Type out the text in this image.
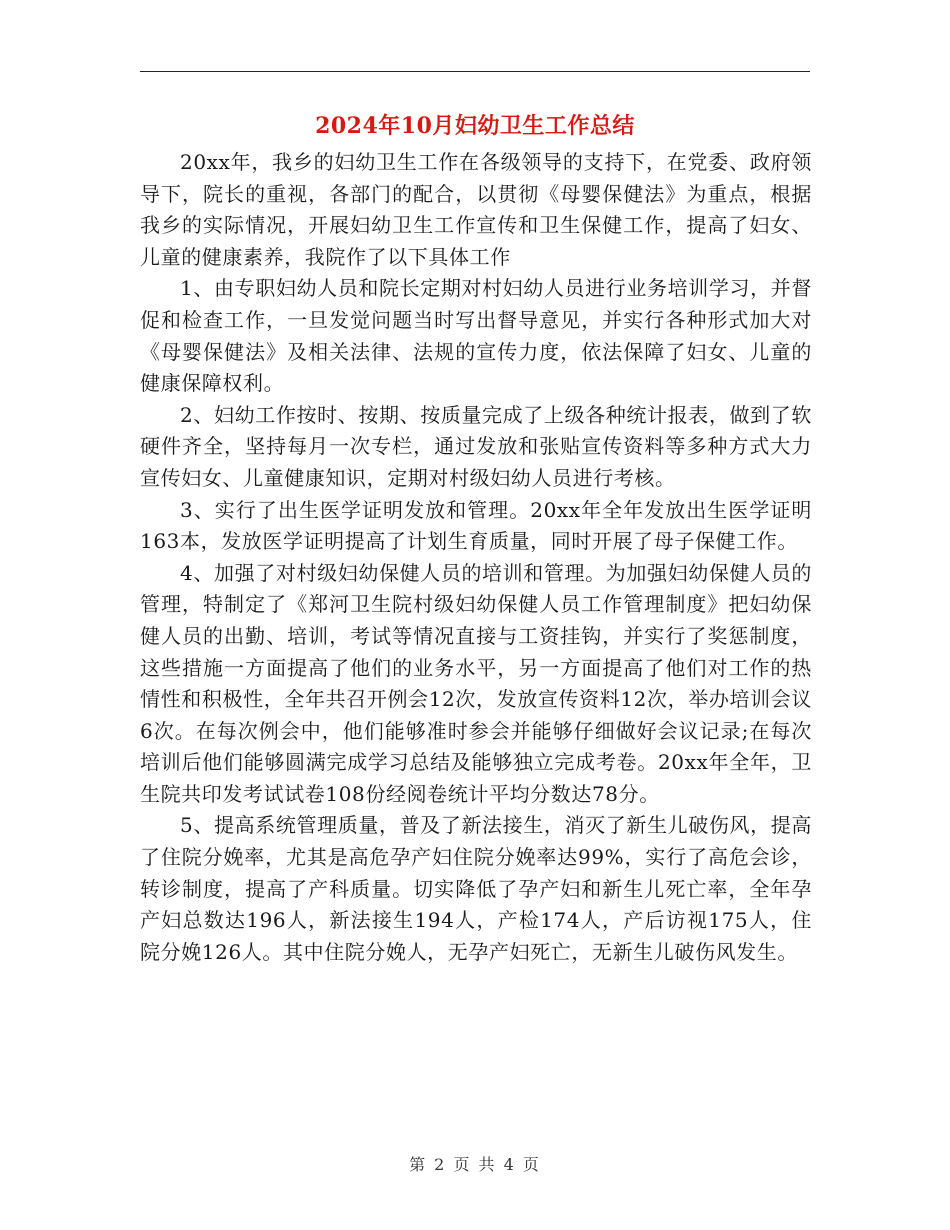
2024年10月妇幼卫生工作总结

20xx年，我乡的妇幼卫生工作在各级领导的支持下，在党委、政府领导下，院长的重视，各部门的配合，以贯彻《母婴保健法》为重点，根据我乡的实际情况，开展妇幼卫生工作宣传和卫生保健工作，提高了妇女、儿童的健康素养，我院作了以下具体工作

1、由专职妇幼人员和院长定期对村妇幼人员进行业务培训学习，并督促和检查工作，一旦发觉问题当时写出督导意见，并实行各种形式加大对《母婴保健法》及相关法律、法规的宣传力度，依法保障了妇女、儿童的健康保障权利。

2、妇幼工作按时、按期、按质量完成了上级各种统计报表，做到了软硬件齐全，坚持每月一次专栏，通过发放和张贴宣传资料等多种方式大力宣传妇女、儿童健康知识，定期对村级妇幼人员进行考核。

3、实行了出生医学证明发放和管理。20xx年全年发放出生医学证明163本，发放医学证明提高了计划生育质量，同时开展了母子保健工作。

4、加强了对村级妇幼保健人员的培训和管理。为加强妇幼保健人员的管理，特制定了《郑河卫生院村级妇幼保健人员工作管理制度》把妇幼保健人员的出勤、培训，考试等情况直接与工资挂钩，并实行了奖惩制度，这些措施一方面提高了他们的业务水平，另一方面提高了他们对工作的热情性和积极性，全年共召开例会12次，发放宣传资料12次，举办培训会议6次。在每次例会中，他们能够准时参会并能够仔细做好会议记录;在每次培训后他们能够圆满完成学习总结及能够独立完成考卷。20xx年全年，卫生院共印发考试试卷108份经阅卷统计平均分数达78分。

5、提高系统管理质量，普及了新法接生，消灭了新生儿破伤风，提高了住院分娩率，尤其是高危孕产妇住院分娩率达99%，实行了高危会诊，转诊制度，提高了产科质量。切实降低了孕产妇和新生儿死亡率，全年孕产妇总数达196人，新法接生194人，产检174人，产后访视175人，住院分娩126人。其中住院分娩人，无孕产妇死亡，无新生儿破伤风发生。

第 2 页 共 4 页
